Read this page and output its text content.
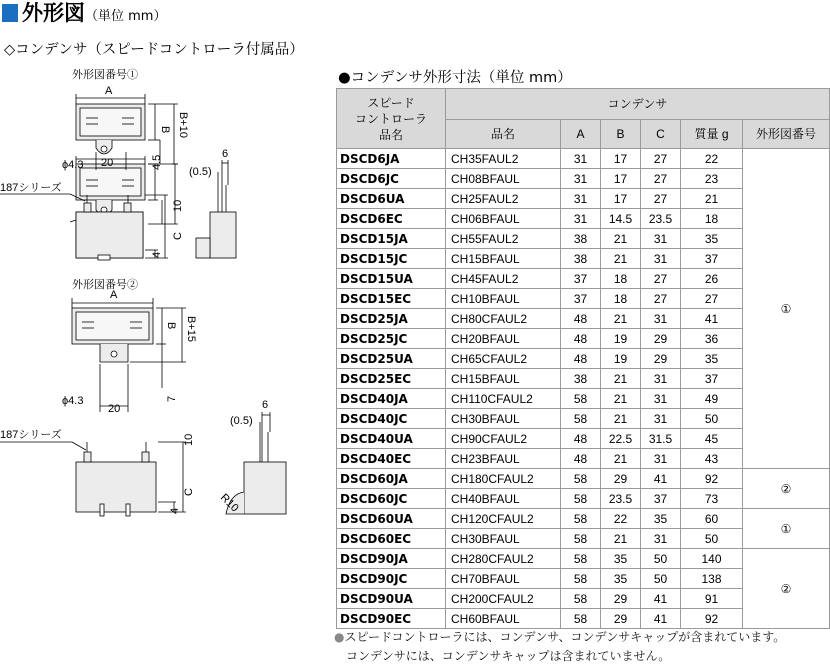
外形図（単位 mm）
◇コンデンサ（スピードコントローラ付属品）
187シリーズ
(0.5)
6
10
C
4
外形図番号①
A
B B+10
ϕ4.3 20	4.5
外形図番号②
A
B B+15
ϕ4.3
20
7
187シリーズ
(0.5)
6
10
C
4	R10
●コンデンサ外形寸法（単位 mm）
スピード
コントローラ
品名	コンデンサ					
	品名	A	B	C	質量 g	外形図番号
DSCD6JA	CH35FAUL2	31	17	27	22	①
DSCD6JC	CH08BFAUL	31	17	27	23	
DSCD6UA	CH25FAUL2	31	17	27	21	
DSCD6EC	CH06BFAUL	31	14.5	23.5	18	
DSCD15JA	CH55FAUL2	38	21	31	35	
DSCD15JC	CH15BFAUL	38	21	31	37	
DSCD15UA	CH45FAUL2	37	18	27	26	
DSCD15EC	CH10BFAUL	37	18	27	27	
DSCD25JA	CH80CFAUL2	48	21	31	41	
DSCD25JC	CH20BFAUL	48	19	29	36	
DSCD25UA	CH65CFAUL2	48	19	29	35	
DSCD25EC	CH15BFAUL	38	21	31	37	
DSCD40JA	CH110CFAUL2	58	21	31	49	
DSCD40JC	CH30BFAUL	58	21	31	50	
DSCD40UA	CH90CFAUL2	48	22.5	31.5	45	
DSCD40EC	CH23BFAUL	48	21	31	43	
DSCD60JA	CH180CFAUL2	58	29	41	92	②
DSCD60JC	CH40BFAUL	58	23.5	37	73	
DSCD60UA	CH120CFAUL2	58	22	35	60	①
DSCD60EC	CH30BFAUL	58	21	31	50	
DSCD90JA	CH280CFAUL2	58	35	50	140	②
DSCD90JC	CH70BFAUL	58	35	50	138	
DSCD90UA	CH200CFAUL2	58	29	41	91	
DSCD90EC	CH60BFAUL	58	29	41	92	
●スピードコントローラには、コンデンサ、コンデンサキャップが含まれています。
コンデンサには、コンデンサキャップは含まれていません。
